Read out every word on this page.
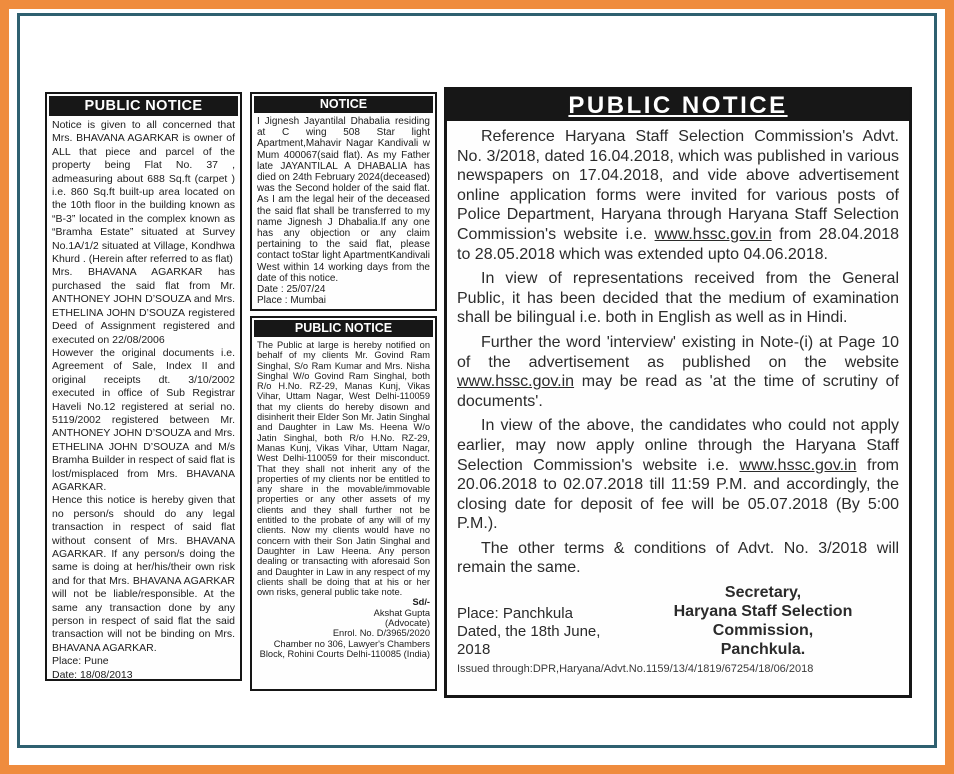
PUBLIC NOTICE

Notice is given to all concerned that Mrs. BHAVANA AGARKAR is owner of ALL that piece and parcel of the property being Flat No. 37 , admeasuring about 688 Sq.ft (carpet ) i.e. 860 Sq.ft built-up area located on the 10th floor in the building known as “B-3” located in the complex known as “Bramha Estate” situated at Survey No.1A/1/2 situated at Village, Kondhwa Khurd . (Herein after referred to as flat)

Mrs. BHAVANA AGARKAR has purchased the said flat from Mr. ANTHONEY JOHN D’SOUZA and Mrs. ETHELINA JOHN D’SOUZA registered Deed of Assignment registered and executed on 22/08/2006

However the original documents i.e. Agreement of Sale, Index II and original receipts dt. 3/10/2002 executed in office of Sub Registrar Haveli No.12 registered at serial no. 5119/2002 registered between Mr. ANTHONEY JOHN D’SOUZA and Mrs. ETHELINA JOHN D’SOUZA and M/s Bramha Builder in respect of said flat is lost/misplaced from Mrs. BHAVANA AGARKAR.

Hence this notice is hereby given that no person/s should do any legal transaction in respect of said flat without consent of Mrs. BHAVANA AGARKAR. If any person/s doing the same is doing at her/his/their own risk and for that Mrs. BHAVANA AGARKAR will not be liable/responsible. At the same any transaction done by any person in respect of said flat the said transaction will not be binding on Mrs. BHAVANA AGARKAR.

Place: Pune

Date: 18/08/2013

NOTICE

I Jignesh Jayantilal Dhabalia residing at C wing 508 Star light Apartment,Mahavir Nagar Kandivali w Mum 400067(said flat). As my Father late JAYANTILAL A DHABALIA has died on 24th February 2024(deceased) was the Second holder of the said flat. As I am the legal heir of the deceased the said flat shall be transferred to my name Jignesh J Dhabalia.If any one has any objection or any claim pertaining to the said flat, please contact toStar light ApartmentKandivali West within 14 working days from the date of this notice.

Date : 25/07/24

Place : Mumbai

PUBLIC NOTICE

The Public at large is hereby notified on behalf of my clients Mr. Govind Ram Singhal, S/o Ram Kumar and Mrs. Nisha Singhal W/o Govind Ram Singhal, both R/o H.No. RZ-29, Manas Kunj, Vikas Vihar, Uttam Nagar, West Delhi-110059 that my clients do hereby disown and disinherit their Elder Son Mr. Jatin Singhal and Daughter in Law Ms. Heena W/o Jatin Singhal, both R/o H.No. RZ-29, Manas Kunj, Vikas Vihar, Uttam Nagar, West Delhi-110059 for their misconduct. That they shall not inherit any of the properties of my clients nor be entitled to any share in the movable/immovable properties or any other assets of my clients and they shall further not be entitled to the probate of any will of my clients. Now my clients would have no concern with their Son Jatin Singhal and Daughter in Law Heena. Any person dealing or transacting with aforesaid Son and Daughter in Law in any respect of my clients shall be doing that at his or her own risks, general public take note.

Sd/-

Akshat Gupta

(Advocate)

Enrol. No. D/3965/2020

Chamber no 306, Lawyer's Chambers

Block, Rohini Courts Delhi-110085 (India)

PUBLIC NOTICE

Reference Haryana Staff Selection Commission's Advt. No. 3/2018, dated 16.04.2018, which was published in various newspapers on 17.04.2018, and vide above advertisement online application forms were invited for various posts of Police Department, Haryana through Haryana Staff Selection Commission's website i.e. www.hssc.gov.in from 28.04.2018 to 28.05.2018 which was extended upto 04.06.2018.

In view of representations received from the General Public, it has been decided that the medium of examination shall be bilingual i.e. both in English as well as in Hindi.

Further the word 'interview' existing in Note-(i) at Page 10 of the advertisement as published on the website www.hssc.gov.in may be read as 'at the time of scrutiny of documents'.

In view of the above, the candidates who could not apply earlier, may now apply online through the Haryana Staff Selection Commission's website i.e. www.hssc.gov.in from 20.06.2018 to 02.07.2018 till 11:59 P.M. and accordingly, the closing date for deposit of fee will be 05.07.2018 (By 5:00 P.M.).

The other terms & conditions of Advt. No. 3/2018 will remain the same.

Place: Panchkula
Dated, the 18th June, 2018
Secretary,
Haryana Staff Selection Commission,
Panchkula.
Issued through:DPR,Haryana/Advt.No.1159/13/4/1819/67254/18/06/2018
